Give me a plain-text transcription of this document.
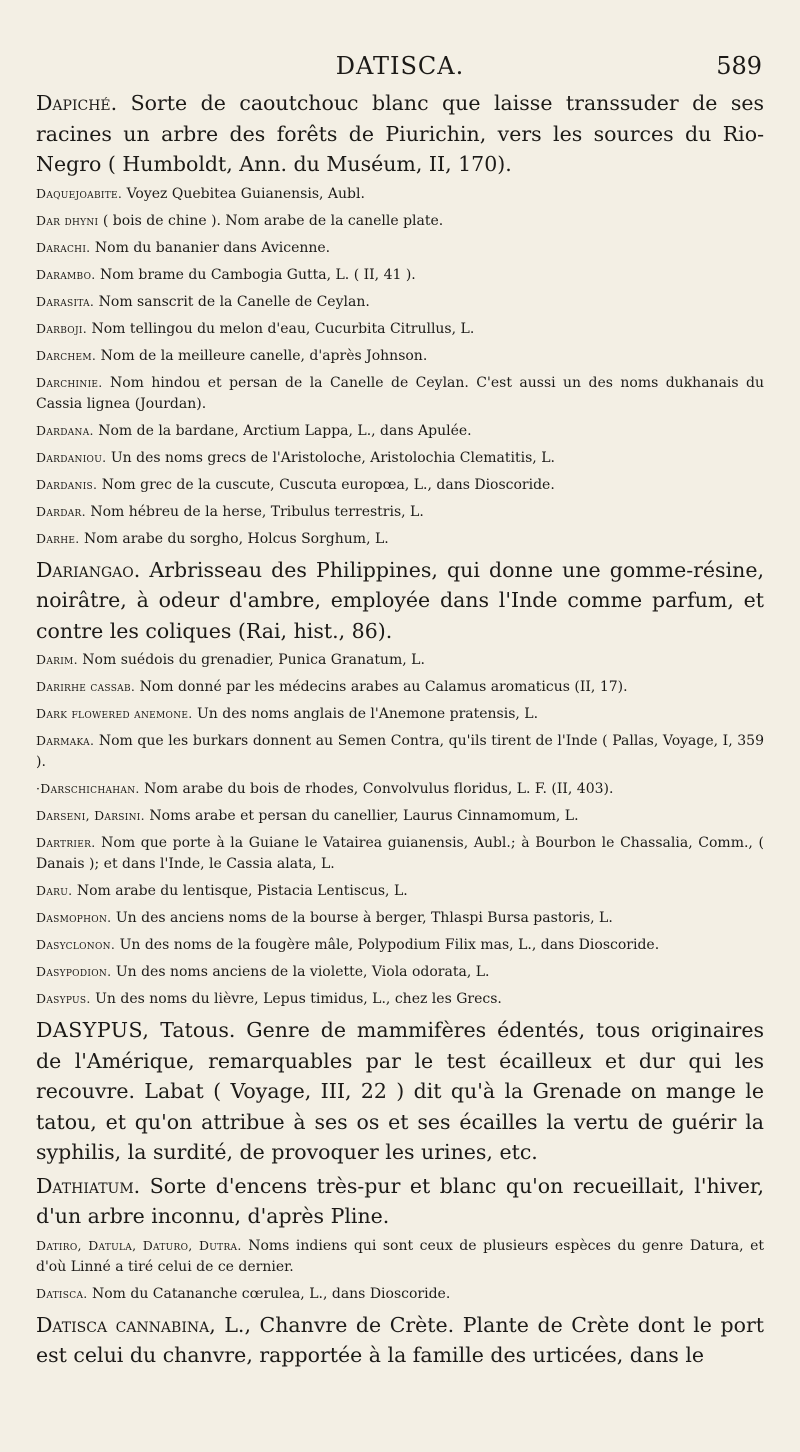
DATISCA.	589

Dapiché. Sorte de caoutchouc blanc que laisse transsuder de ses racines un arbre des forêts de Piurichin, vers les sources du Rio-Negro ( Humboldt, Ann. du Muséum, II, 170).

Daquejoabite. Voyez Quebitea Guianensis, Aubl.

Dar dhyni ( bois de chine ). Nom arabe de la canelle plate.

Darachi. Nom du bananier dans Avicenne.

Darambo. Nom brame du Cambogia Gutta, L. ( II, 41 ).

Darasita. Nom sanscrit de la Canelle de Ceylan.

Darboji. Nom tellingou du melon d'eau, Cucurbita Citrullus, L.

Darchem. Nom de la meilleure canelle, d'après Johnson.

Darchinie. Nom hindou et persan de la Canelle de Ceylan. C'est aussi un des noms dukhanais du Cassia lignea (Jourdan).

Dardana. Nom de la bardane, Arctium Lappa, L., dans Apulée.

Dardaniou. Un des noms grecs de l'Aristoloche, Aristolochia Clematitis, L.

Dardanis. Nom grec de la cuscute, Cuscuta europœa, L., dans Dioscoride.

Dardar. Nom hébreu de la herse, Tribulus terrestris, L.

Darhe. Nom arabe du sorgho, Holcus Sorghum, L.

Dariangao. Arbrisseau des Philippines, qui donne une gomme-résine, noirâtre, à odeur d'ambre, employée dans l'Inde comme parfum, et contre les coliques (Rai, hist., 86).

Darim. Nom suédois du grenadier, Punica Granatum, L.

Darirhe cassab. Nom donné par les médecins arabes au Calamus aromaticus (II, 17).

Dark flowered anemone. Un des noms anglais de l'Anemone pratensis, L.

Darmaka. Nom que les burkars donnent au Semen Contra, qu'ils tirent de l'Inde ( Pallas, Voyage, I, 359 ).

·Darschichahan. Nom arabe du bois de rhodes, Convolvulus floridus, L. F. (II, 403).

Darseni, Darsini. Noms arabe et persan du canellier, Laurus Cinnamomum, L.

Dartrier. Nom que porte à la Guiane le Vatairea guianensis, Aubl.; à Bourbon le Chassalia, Comm., ( Danais ); et dans l'Inde, le Cassia alata, L.

Daru. Nom arabe du lentisque, Pistacia Lentiscus, L.

Dasmophon. Un des anciens noms de la bourse à berger, Thlaspi Bursa pastoris, L.

Dasyclonon. Un des noms de la fougère mâle, Polypodium Filix mas, L., dans Dioscoride.

Dasypodion. Un des noms anciens de la violette, Viola odorata, L.

Dasypus. Un des noms du lièvre, Lepus timidus, L., chez les Grecs.

DASYPUS, Tatous. Genre de mammifères édentés, tous originaires de l'Amérique, remarquables par le test écailleux et dur qui les recouvre. Labat ( Voyage, III, 22 ) dit qu'à la Grenade on mange le tatou, et qu'on attribue à ses os et ses écailles la vertu de guérir la syphilis, la surdité, de provoquer les urines, etc.

Dathiatum. Sorte d'encens très-pur et blanc qu'on recueillait, l'hiver, d'un arbre inconnu, d'après Pline.

Datiro, Datula, Daturo, Dutra. Noms indiens qui sont ceux de plusieurs espèces du genre Datura, et d'où Linné a tiré celui de ce dernier.

Datisca. Nom du Catananche cœrulea, L., dans Dioscoride.

Datisca cannabina, L., Chanvre de Crète. Plante de Crète dont le port est celui du chanvre, rapportée à la famille des urticées, dans le
